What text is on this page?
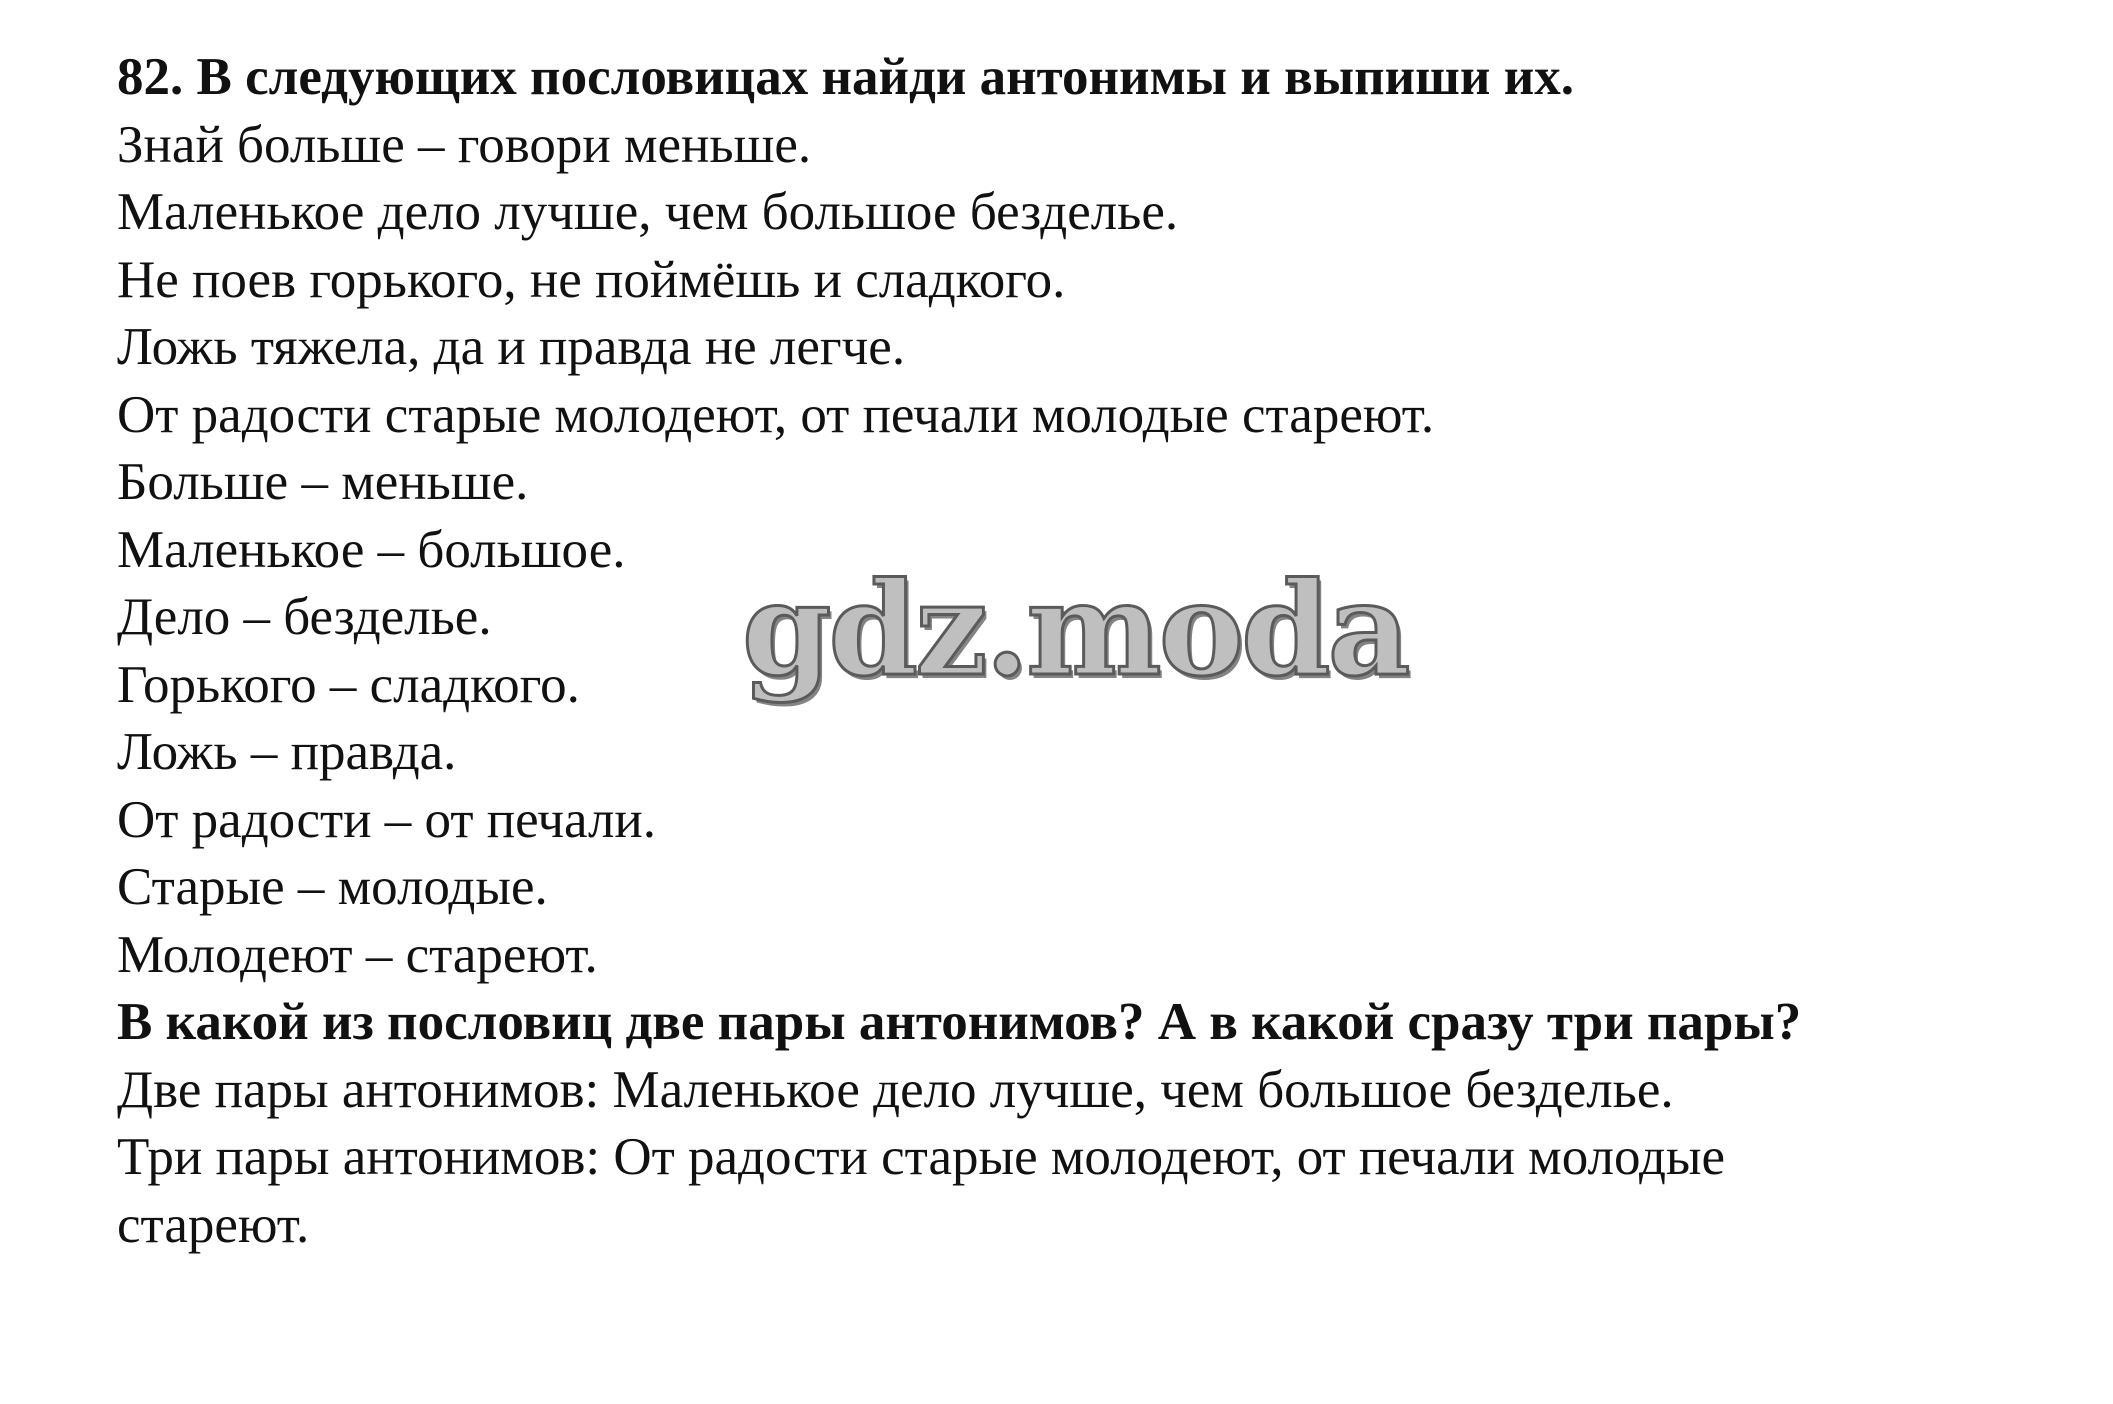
82. В следующих пословицах найди антонимы и выпиши их.

Знай больше – говори меньше.

Маленькое дело лучше, чем большое безделье.

Не поев горького, не поймёшь и сладкого.

Ложь тяжела, да и правда не легче.

От радости старые молодеют, от печали молодые стареют.

Больше – меньше.

Маленькое – большое.

Дело – безделье.

Горького – сладкого.

Ложь – правда.

От радости – от печали.

Старые – молодые.

Молодеют – стареют.

В какой из пословиц две пары антонимов? А в какой сразу три пары?

Две пары антонимов: Маленькое дело лучше, чем большое безделье.

Три пары антонимов: От радости старые молодеют, от печали молодые

стареют.

gdz.moda
